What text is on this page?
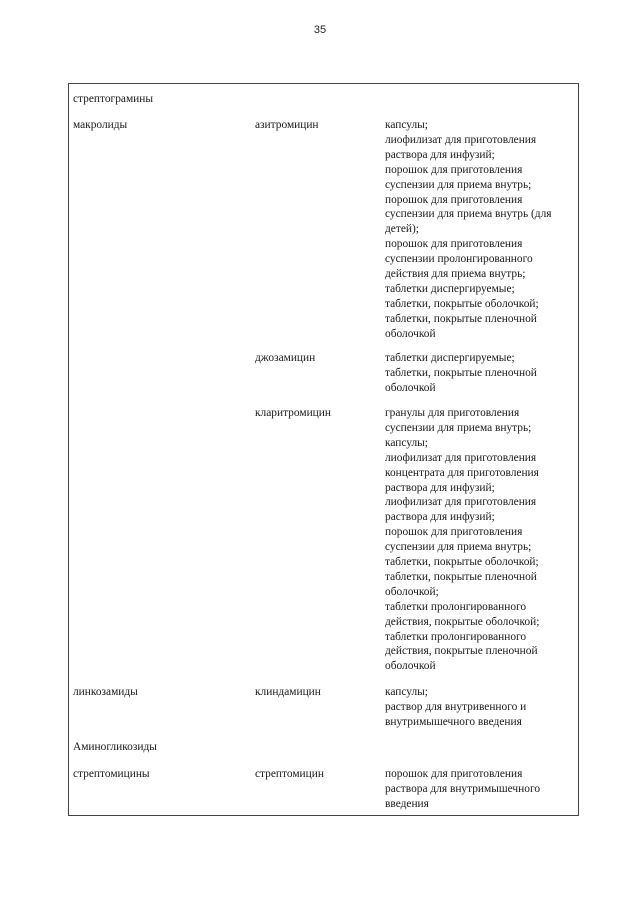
35
стрептограмины
макролиды	азитромицин	капсулы;
лиофилизат для приготовления
раствора для инфузий;
порошок для приготовления
суспензии для приема внутрь;
порошок для приготовления
суспензии для приема внутрь (для
детей);
порошок для приготовления
суспензии пролонгированного
действия для приема внутрь;
таблетки диспергируемые;
таблетки, покрытые оболочкой;
таблетки, покрытые пленочной
оболочкой
джозамицин	таблетки диспергируемые;
таблетки, покрытые пленочной
оболочкой
кларитромицин	гранулы для приготовления
суспензии для приема внутрь;
капсулы;
лиофилизат для приготовления
концентрата для приготовления
раствора для инфузий;
лиофилизат для приготовления
раствора для инфузий;
порошок для приготовления
суспензии для приема внутрь;
таблетки, покрытые оболочкой;
таблетки, покрытые пленочной
оболочкой;
таблетки пролонгированного
действия, покрытые оболочкой;
таблетки пролонгированного
действия, покрытые пленочной
оболочкой
линкозамиды	клиндамицин	капсулы;
раствор для внутривенного и
внутримышечного введения
Аминогликозиды
стрептомицины	стрептомицин	порошок для приготовления
раствора для внутримышечного
введения
